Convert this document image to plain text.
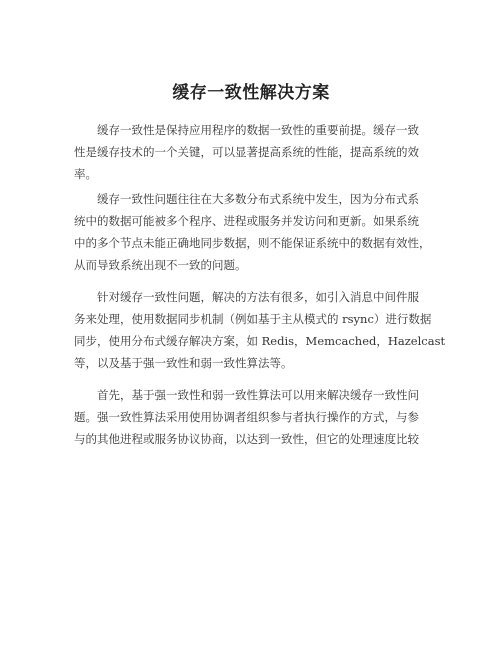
缓存一致性解决方案
缓存一致性是保持应用程序的数据一致性的重要前提。缓存一致
性是缓存技术的一个关键，可以显著提高系统的性能，提高系统的效
率。
缓存一致性问题往往在大多数分布式系统中发生，因为分布式系
统中的数据可能被多个程序、进程或服务并发访问和更新。如果系统
中的多个节点未能正确地同步数据，则不能保证系统中的数据有效性，
从而导致系统出现不一致的问题。
针对缓存一致性问题，解决的方法有很多，如引入消息中间件服
务来处理，使用数据同步机制（例如基于主从模式的 rsync）进行数据
同步，使用分布式缓存解决方案，如 Redis，Memcached，Hazelcast
等，以及基于强一致性和弱一致性算法等。
首先，基于强一致性和弱一致性算法可以用来解决缓存一致性问
题。强一致性算法采用使用协调者组织参与者执行操作的方式，与参
与的其他进程或服务协议协商，以达到一致性，但它的处理速度比较
